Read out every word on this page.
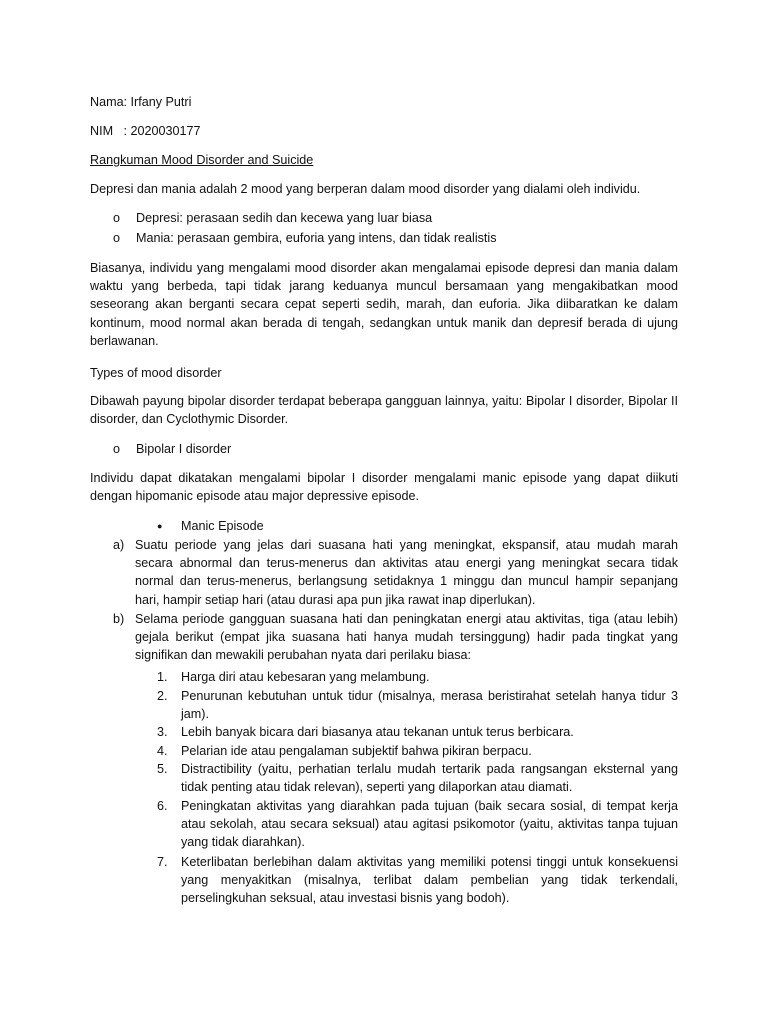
Nama : Irfany Putri
NIM : 2020030177

Rangkuman Mood Disorder and Suicide

Depresi dan mania adalah 2 mood yang berperan dalam mood disorder yang dialami oleh individu.

o Depresi: perasaan sedih dan kecewa yang luar biasa
o Mania: perasaan gembira, euforia yang intens, dan tidak realistis

Biasanya, individu yang mengalami mood disorder akan mengalamai episode depresi dan mania dalam waktu yang berbeda, tapi tidak jarang keduanya muncul bersamaan yang mengakibatkan mood seseorang akan berganti secara cepat seperti sedih, marah, dan euforia. Jika diibaratkan ke dalam kontinum, mood normal akan berada di tengah, sedangkan untuk manik dan depresif berada di ujung berlawanan.

Types of mood disorder

Dibawah payung bipolar disorder terdapat beberapa gangguan lainnya, yaitu: Bipolar I disorder, Bipolar II disorder, dan Cyclothymic Disorder.

o Bipolar I disorder

Individu dapat dikatakan mengalami bipolar I disorder mengalami manic episode yang dapat diikuti dengan hipomanic episode atau major depressive episode.

● Manic Episode
a) Suatu periode yang jelas dari suasana hati yang meningkat, ekspansif, atau mudah marah secara abnormal dan terus-menerus dan aktivitas atau energi yang meningkat secara tidak normal dan terus-menerus, berlangsung setidaknya 1 minggu dan muncul hampir sepanjang hari, hampir setiap hari (atau durasi apa pun jika rawat inap diperlukan).
b) Selama periode gangguan suasana hati dan peningkatan energi atau aktivitas, tiga (atau lebih) gejala berikut (empat jika suasana hati hanya mudah tersinggung) hadir pada tingkat yang signifikan dan mewakili perubahan nyata dari perilaku biasa:
1. Harga diri atau kebesaran yang melambung.
2. Penurunan kebutuhan untuk tidur (misalnya, merasa beristirahat setelah hanya tidur 3 jam).
3. Lebih banyak bicara dari biasanya atau tekanan untuk terus berbicara.
4. Pelarian ide atau pengalaman subjektif bahwa pikiran berpacu.
5. Distractibility (yaitu, perhatian terlalu mudah tertarik pada rangsangan eksternal yang tidak penting atau tidak relevan), seperti yang dilaporkan atau diamati.
6. Peningkatan aktivitas yang diarahkan pada tujuan (baik secara sosial, di tempat kerja atau sekolah, atau secara seksual) atau agitasi psikomotor (yaitu, aktivitas tanpa tujuan yang tidak diarahkan).
7. Keterlibatan berlebihan dalam aktivitas yang memiliki potensi tinggi untuk konsekuensi yang menyakitkan (misalnya, terlibat dalam pembelian yang tidak terkendali, perselingkuhan seksual, atau investasi bisnis yang bodoh).
